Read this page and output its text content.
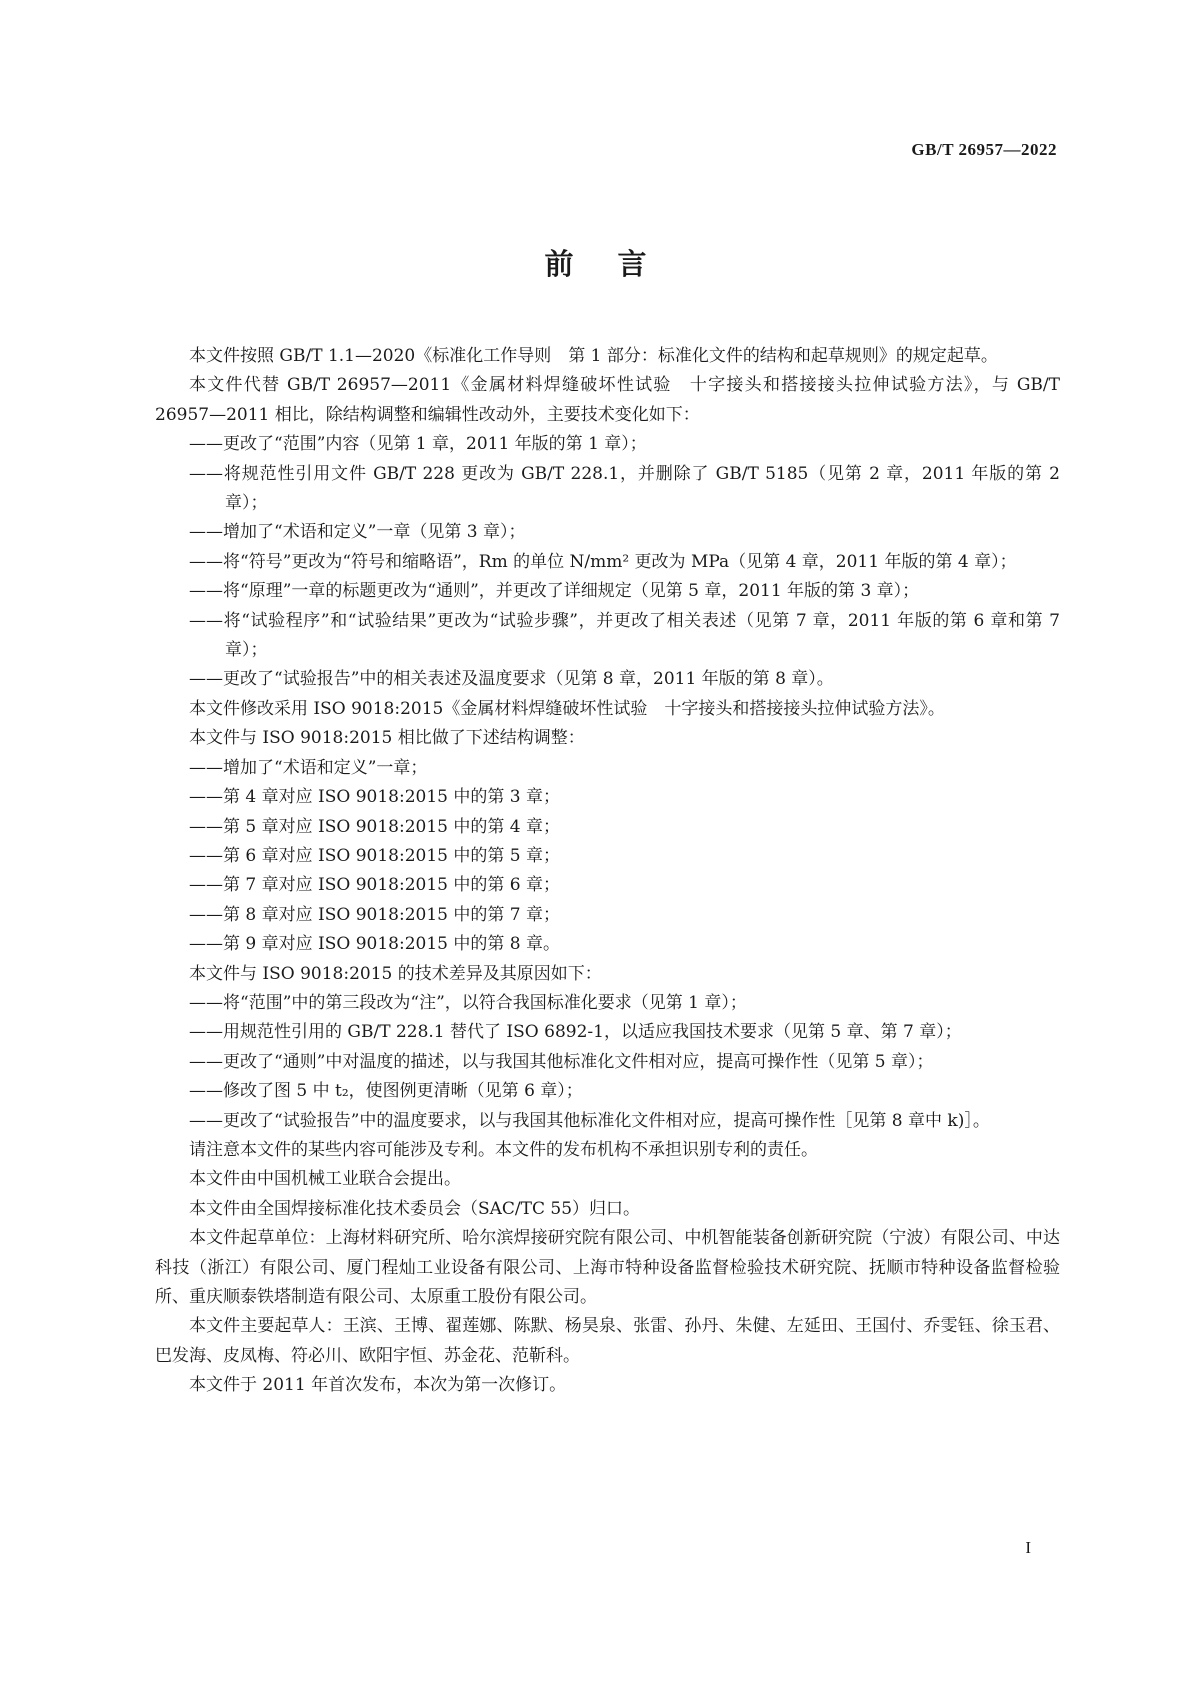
GB/T 26957—2022
前言

本文件按照 GB/T 1.1—2020《标准化工作导则　第 1 部分：标准化文件的结构和起草规则》的规定起草。

本文件代替 GB/T 26957—2011《金属材料焊缝破坏性试验　十字接头和搭接接头拉伸试验方法》，与 GB/T 26957—2011 相比，除结构调整和编辑性改动外，主要技术变化如下：

——更改了“范围”内容（见第 1 章，2011 年版的第 1 章）；

——将规范性引用文件 GB/T 228 更改为 GB/T 228.1，并删除了 GB/T 5185（见第 2 章，2011 年版的第 2 章）；

——增加了“术语和定义”一章（见第 3 章）；

——将“符号”更改为“符号和缩略语”，Rm 的单位 N/mm² 更改为 MPa（见第 4 章，2011 年版的第 4 章）；

——将“原理”一章的标题更改为“通则”，并更改了详细规定（见第 5 章，2011 年版的第 3 章）；

——将“试验程序”和“试验结果”更改为“试验步骤”，并更改了相关表述（见第 7 章，2011 年版的第 6 章和第 7 章）；

——更改了“试验报告”中的相关表述及温度要求（见第 8 章，2011 年版的第 8 章）。

本文件修改采用 ISO 9018:2015《金属材料焊缝破坏性试验　十字接头和搭接接头拉伸试验方法》。

本文件与 ISO 9018:2015 相比做了下述结构调整：

——增加了“术语和定义”一章；

——第 4 章对应 ISO 9018:2015 中的第 3 章；

——第 5 章对应 ISO 9018:2015 中的第 4 章；

——第 6 章对应 ISO 9018:2015 中的第 5 章；

——第 7 章对应 ISO 9018:2015 中的第 6 章；

——第 8 章对应 ISO 9018:2015 中的第 7 章；

——第 9 章对应 ISO 9018:2015 中的第 8 章。

本文件与 ISO 9018:2015 的技术差异及其原因如下：

——将“范围”中的第三段改为“注”，以符合我国标准化要求（见第 1 章）；

——用规范性引用的 GB/T 228.1 替代了 ISO 6892-1，以适应我国技术要求（见第 5 章、第 7 章）；

——更改了“通则”中对温度的描述，以与我国其他标准化文件相对应，提高可操作性（见第 5 章）；

——修改了图 5 中 t₂，使图例更清晰（见第 6 章）；

——更改了“试验报告”中的温度要求，以与我国其他标准化文件相对应，提高可操作性［见第 8 章中 k)］。

请注意本文件的某些内容可能涉及专利。本文件的发布机构不承担识别专利的责任。

本文件由中国机械工业联合会提出。

本文件由全国焊接标准化技术委员会（SAC/TC 55）归口。

本文件起草单位：上海材料研究所、哈尔滨焊接研究院有限公司、中机智能装备创新研究院（宁波）有限公司、中达科技（浙江）有限公司、厦门程灿工业设备有限公司、上海市特种设备监督检验技术研究院、抚顺市特种设备监督检验所、重庆顺泰铁塔制造有限公司、太原重工股份有限公司。

本文件主要起草人：王滨、王博、翟莲娜、陈默、杨昊泉、张雷、孙丹、朱健、左延田、王国付、乔雯钰、徐玉君、巴发海、皮凤梅、符必川、欧阳宇恒、苏金花、范靳科。

本文件于 2011 年首次发布，本次为第一次修订。

I
